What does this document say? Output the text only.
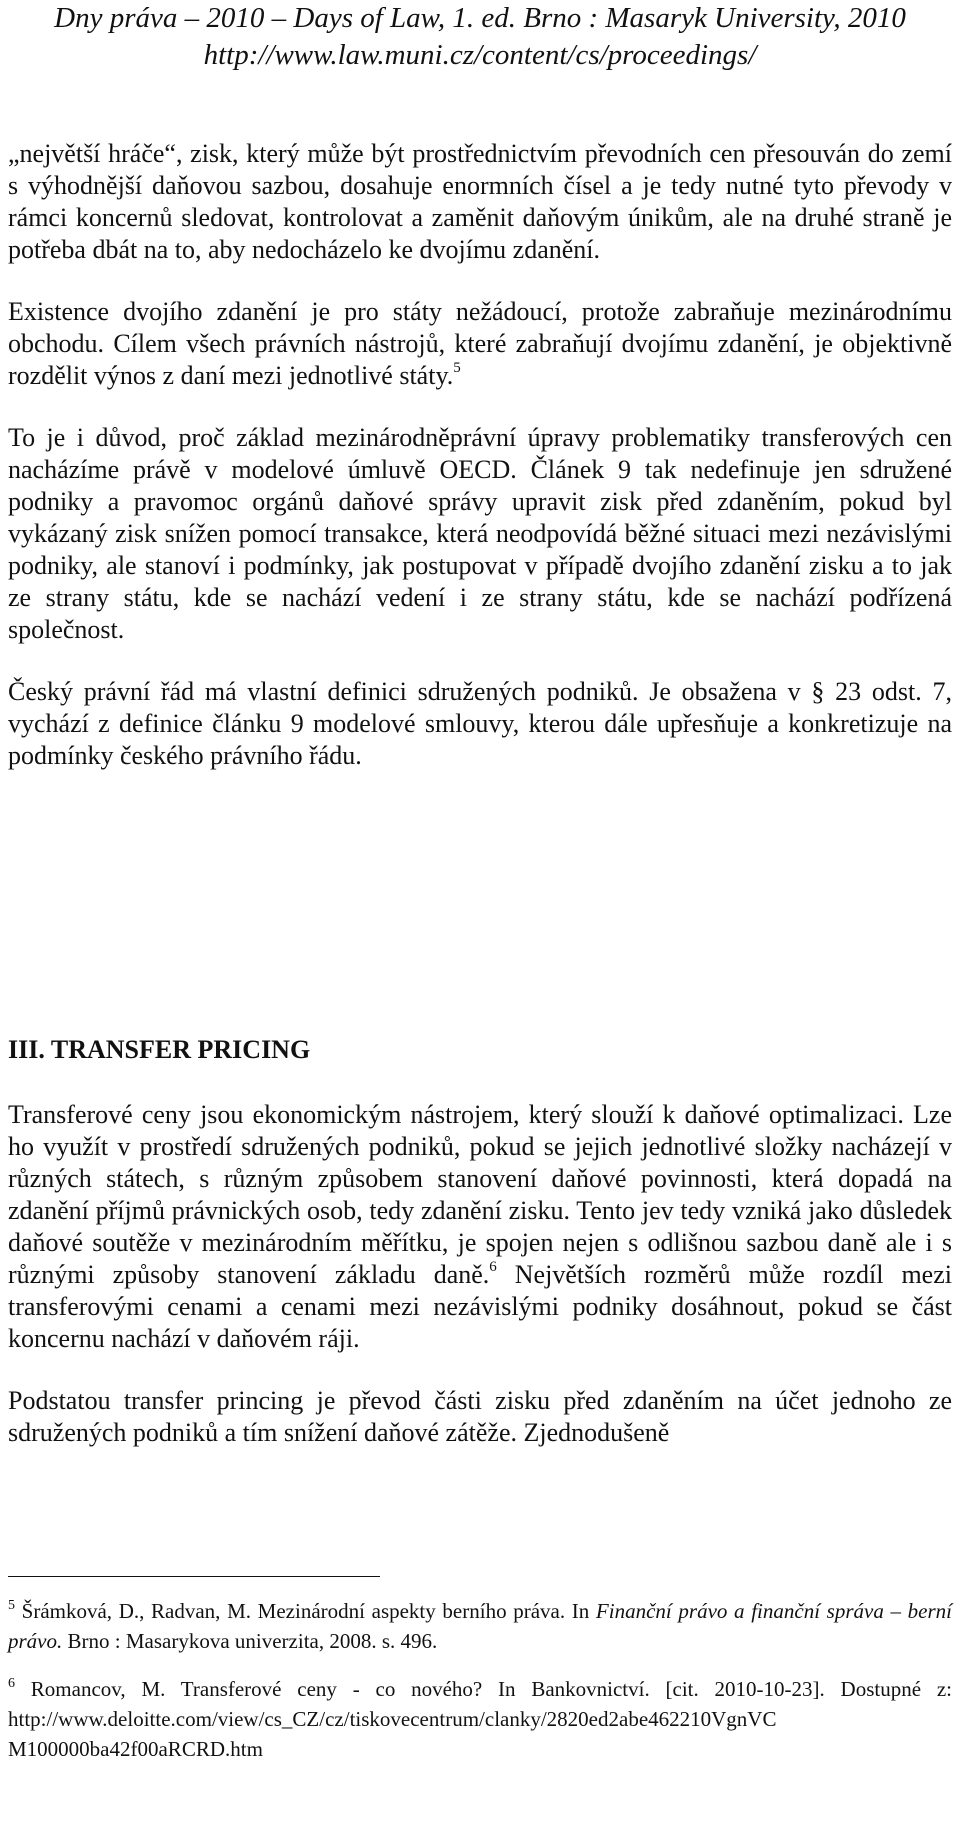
Dny práva – 2010 – Days of Law, 1. ed. Brno : Masaryk University, 2010
http://www.law.muni.cz/content/cs/proceedings/

„největší hráče“, zisk, který může být prostřednictvím převodních cen přesouván do zemí s výhodnější daňovou sazbou, dosahuje enormních čísel a je tedy nutné tyto převody v rámci koncernů sledovat, kontrolovat a zaměnit daňovým únikům, ale na druhé straně je potřeba dbát na to, aby nedocházelo ke dvojímu zdanění.

Existence dvojího zdanění je pro státy nežádoucí, protože zabraňuje mezinárodnímu obchodu. Cílem všech právních nástrojů, které zabraňují dvojímu zdanění, je objektivně rozdělit výnos z daní mezi jednotlivé státy.$^5$

To je i důvod, proč základ mezinárodněprávní úpravy problematiky transferových cen nacházíme právě v modelové úmluvě OECD. Článek 9 tak nedefinuje jen sdružené podniky a pravomoc orgánů daňové správy upravit zisk před zdaněním, pokud byl vykázaný zisk snížen pomocí transakce, která neodpovídá běžné situaci mezi nezávislými podniky, ale stanoví i podmínky, jak postupovat v případě dvojího zdanění zisku a to jak ze strany státu, kde se nachází vedení i ze strany státu, kde se nachází podřízená společnost.

Český právní řád má vlastní definici sdružených podniků. Je obsažena v § 23 odst. 7, vychází z definice článku 9 modelové smlouvy, kterou dále upřesňuje a konkretizuje na podmínky českého právního řádu.

III. TRANSFER PRICING

Transferové ceny jsou ekonomickým nástrojem, který slouží k daňové optimalizaci. Lze ho využít v prostředí sdružených podniků, pokud se jejich jednotlivé složky nacházejí v různých státech, s různým způsobem stanovení daňové povinnosti, která dopadá na zdanění příjmů právnických osob, tedy zdanění zisku. Tento jev tedy vzniká jako důsledek daňové soutěže v mezinárodním měřítku, je spojen nejen s odlišnou sazbou daně ale i s různými způsoby stanovení základu daně.$^6$ Největších rozměrů může rozdíl mezi transferovými cenami a cenami mezi nezávislými podniky dosáhnout, pokud se část koncernu nachází v daňovém ráji.

Podstatou transfer princing je převod části zisku před zdaněním na účet jednoho ze sdružených podniků a tím snížení daňové zátěže. Zjednodušeně

$^5$ Šrámková, D., Radvan, M. Mezinárodní aspekty berního práva. In Finanční právo a finanční správa – berní právo. Brno : Masarykova univerzita, 2008. s. 496.

$^6$ Romancov, M. Transferové ceny - co nového? In Bankovnictví. [cit. 2010-10-23]. Dostupné z:

http://www.deloitte.com/view/cs_CZ/cz/tiskovecentrum/clanky/2820ed2abe462210VgnVC
M100000ba42f00aRCRD.htm
